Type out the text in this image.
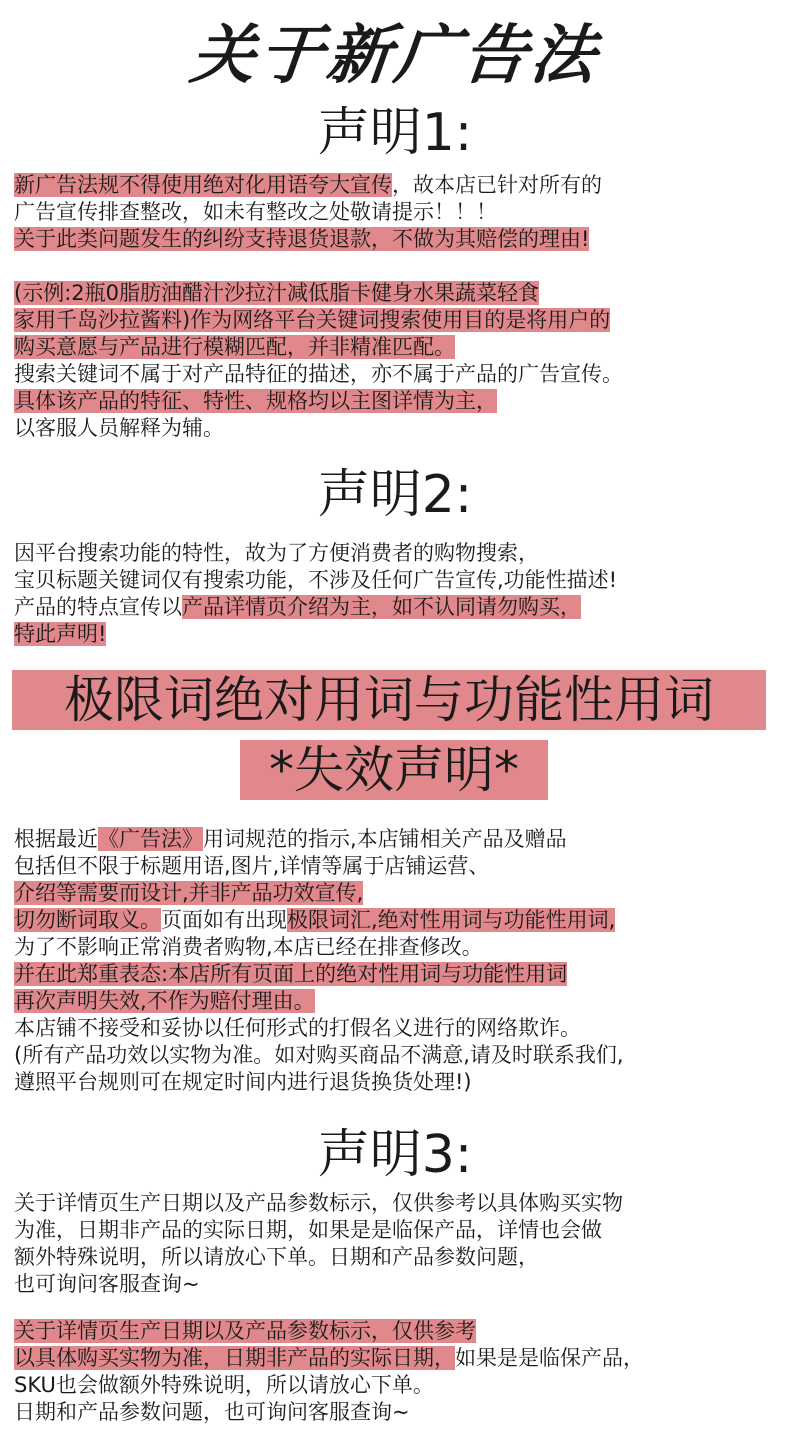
关于新广告法
声明1:
新广告法规不得使用绝对化用语夸大宣传，故本店已针对所有的
广告宣传排查整改，如未有整改之处敬请提示！！！
关于此类问题发生的纠纷支持退货退款，不做为其赔偿的理由!
(示例:2瓶0脂肪油醋汁沙拉汁减低脂卡健身水果蔬菜轻食
家用千岛沙拉酱料)作为网络平台关键词搜索使用目的是将用户的
购买意愿与产品进行模糊匹配，并非精准匹配。
搜索关键词不属于对产品特征的描述，亦不属于产品的广告宣传。
具体该产品的特征、特性、规格均以主图详情为主，
以客服人员解释为辅。
声明2:
因平台搜索功能的特性，故为了方便消费者的购物搜索，
宝贝标题关键词仅有搜索功能，不涉及任何广告宣传,功能性描述!
产品的特点宣传以产品详情页介绍为主，如不认同请勿购买，
特此声明!
极限词绝对用词与功能性用词
*失效声明*
根据最近《广告法》用词规范的指示,本店铺相关产品及赠品
包括但不限于标题用语,图片,详情等属于店铺运营、
介绍等需要而设计,并非产品功效宣传,
切勿断词取义。页面如有出现极限词汇,绝对性用词与功能性用词,
为了不影响正常消费者购物,本店已经在排查修改。
并在此郑重表态:本店所有页面上的绝对性用词与功能性用词
再次声明失效,不作为赔付理由。
本店铺不接受和妥协以任何形式的打假名义进行的网络欺诈。
(所有产品功效以实物为准。如对购买商品不满意,请及时联系我们,
遵照平台规则可在规定时间内进行退货换货处理!)
声明3:
关于详情页生产日期以及产品参数标示，仅供参考以具体购买实物
为准，日期非产品的实际日期，如果是是临保产品，详情也会做
额外特殊说明，所以请放心下单。日期和产品参数问题，
也可询问客服查询~
关于详情页生产日期以及产品参数标示，仅供参考
以具体购买实物为准，日期非产品的实际日期，如果是是临保产品，
SKU也会做额外特殊说明，所以请放心下单。
日期和产品参数问题，也可询问客服查询~
